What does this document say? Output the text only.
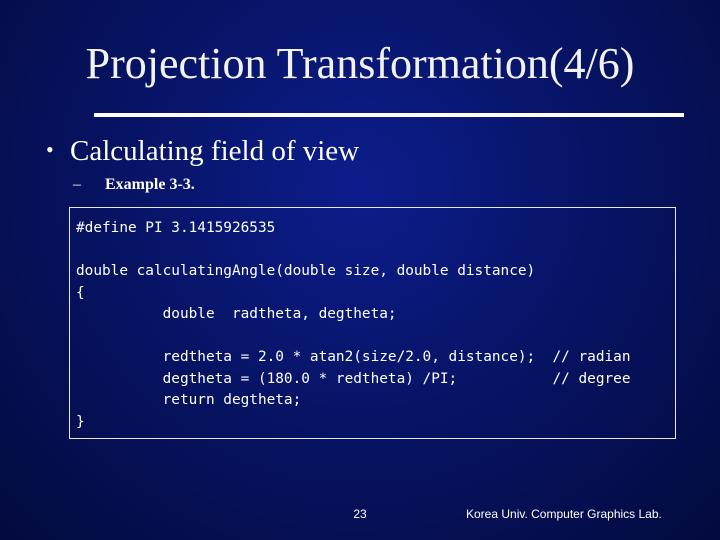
Projection Transformation(4/6)
• Calculating field of view
– Example 3-3.
#define PI 3.1415926535

double calculatingAngle(double size, double distance)
{
double  radtheta, degtheta;

redtheta = 2.0 * atan2(size/2.0, distance);  // radian
degtheta = (180.0 * redtheta) /PI;           // degree
return degtheta;
}
23	Korea Univ. Computer Graphics Lab.
